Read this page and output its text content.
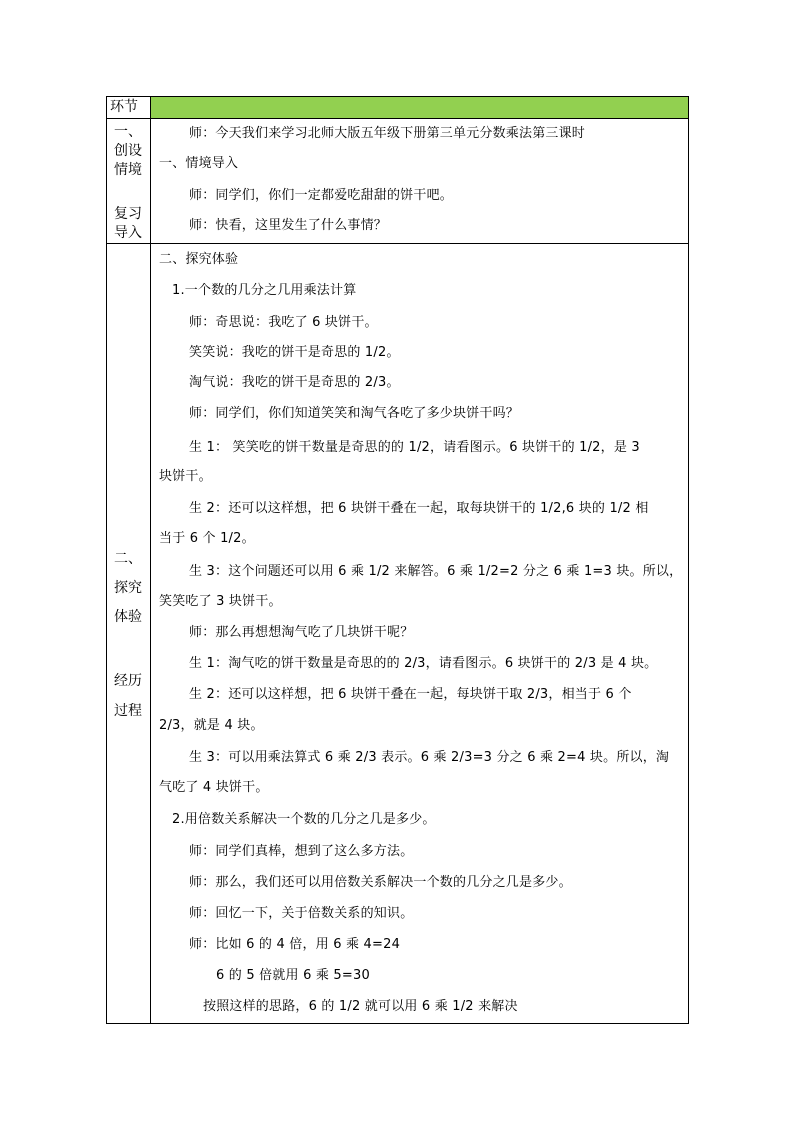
环节
一、
创设
情境
复习
导入
师：今天我们来学习北师大版五年级下册第三单元分数乘法第三课时
一、情境导入
师：同学们，你们一定都爱吃甜甜的饼干吧。
师：快看，这里发生了什么事情？
二、
探究
体验
经历
过程
二、探究体验
1.一个数的几分之几用乘法计算
师：奇思说：我吃了 6 块饼干。
笑笑说：我吃的饼干是奇思的 1/2。
淘气说：我吃的饼干是奇思的 2/3。
师：同学们，你们知道笑笑和淘气各吃了多少块饼干吗？
生 1： 笑笑吃的饼干数量是奇思的的 1/2，请看图示。6 块饼干的 1/2，是 3
块饼干。
生 2：还可以这样想，把 6 块饼干叠在一起，取每块饼干的 1/2,6 块的 1/2 相
当于 6 个 1/2。
生 3：这个问题还可以用 6 乘 1/2 来解答。6 乘 1/2=2 分之 6 乘 1=3 块。所以，
笑笑吃了 3 块饼干。
师：那么再想想淘气吃了几块饼干呢？
生 1：淘气吃的饼干数量是奇思的的 2/3，请看图示。6 块饼干的 2/3 是 4 块。
生 2：还可以这样想，把 6 块饼干叠在一起，每块饼干取 2/3，相当于 6 个
2/3，就是 4 块。
生 3：可以用乘法算式 6 乘 2/3 表示。6 乘 2/3=3 分之 6 乘 2=4 块。所以，淘
气吃了 4 块饼干。
2.用倍数关系解决一个数的几分之几是多少。
师：同学们真棒，想到了这么多方法。
师：那么，我们还可以用倍数关系解决一个数的几分之几是多少。
师：回忆一下，关于倍数关系的知识。
师：比如 6 的 4 倍，用 6 乘 4=24
6 的 5 倍就用 6 乘 5=30
按照这样的思路，6 的 1/2 就可以用 6 乘 1/2 来解决
